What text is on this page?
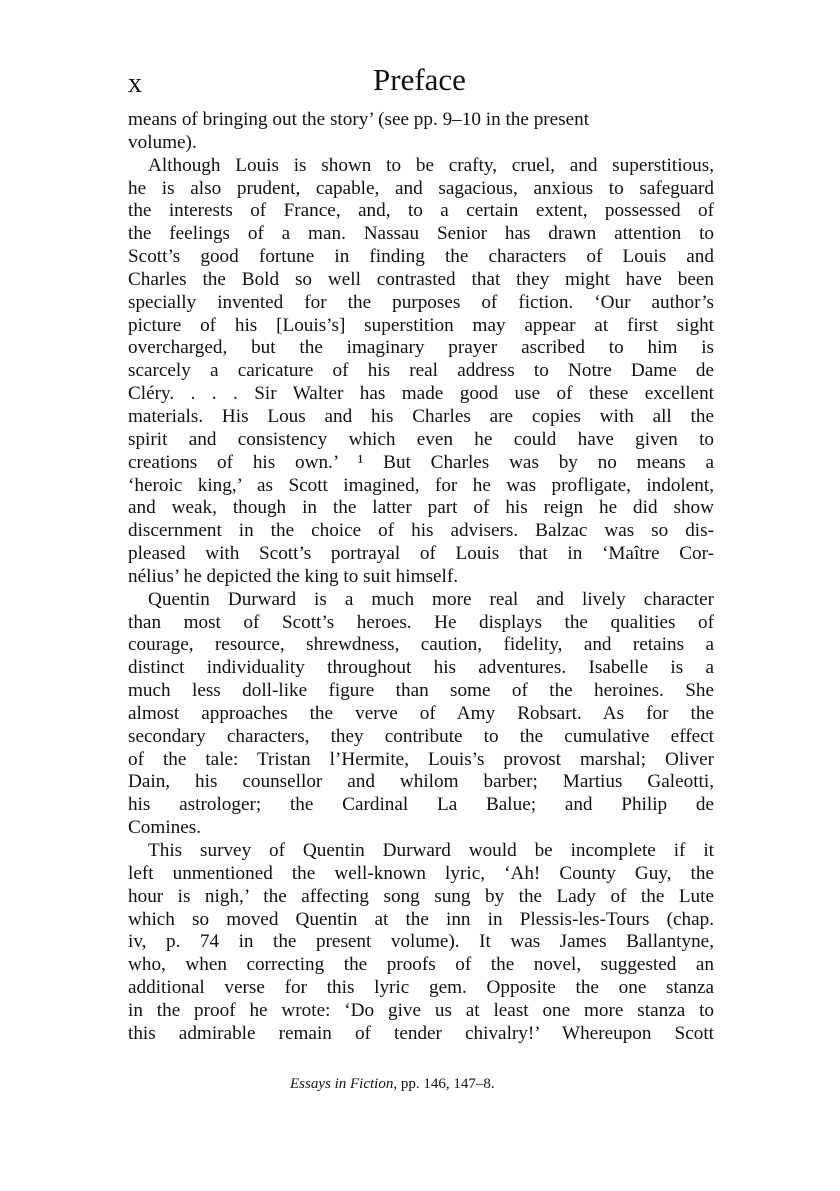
x	Preface
means of bringing out the story’ (see pp. 9–10 in the present
volume).
Although Louis is shown to be crafty, cruel, and superstitious,
he is also prudent, capable, and sagacious, anxious to safeguard
the interests of France, and, to a certain extent, possessed of
the feelings of a man. Nassau Senior has drawn attention to
Scott’s good fortune in finding the characters of Louis and
Charles the Bold so well contrasted that they might have been
specially invented for the purposes of fiction. ‘Our author’s
picture of his [Louis’s] superstition may appear at first sight
overcharged, but the imaginary prayer ascribed to him is
scarcely a caricature of his real address to Notre Dame de
Cléry. . . . Sir Walter has made good use of these excellent
materials. His Lous and his Charles are copies with all the
spirit and consistency which even he could have given to
creations of his own.’ ¹ But Charles was by no means a
‘heroic king,’ as Scott imagined, for he was profligate, indolent,
and weak, though in the latter part of his reign he did show
discernment in the choice of his advisers. Balzac was so dis-
pleased with Scott’s portrayal of Louis that in ‘Maître Cor-
nélius’ he depicted the king to suit himself.
Quentin Durward is a much more real and lively character
than most of Scott’s heroes. He displays the qualities of
courage, resource, shrewdness, caution, fidelity, and retains a
distinct individuality throughout his adventures. Isabelle is a
much less doll-like figure than some of the heroines. She
almost approaches the verve of Amy Robsart. As for the
secondary characters, they contribute to the cumulative effect
of the tale: Tristan l’Hermite, Louis’s provost marshal; Oliver
Dain, his counsellor and whilom barber; Martius Galeotti,
his astrologer; the Cardinal La Balue; and Philip de
Comines.
This survey of Quentin Durward would be incomplete if it
left unmentioned the well-known lyric, ‘Ah! County Guy, the
hour is nigh,’ the affecting song sung by the Lady of the Lute
which so moved Quentin at the inn in Plessis-les-Tours (chap.
iv, p. 74 in the present volume). It was James Ballantyne,
who, when correcting the proofs of the novel, suggested an
additional verse for this lyric gem. Opposite the one stanza
in the proof he wrote: ‘Do give us at least one more stanza to
this admirable remain of tender chivalry!’ Whereupon Scott
Essays in Fiction, pp. 146, 147–8.
